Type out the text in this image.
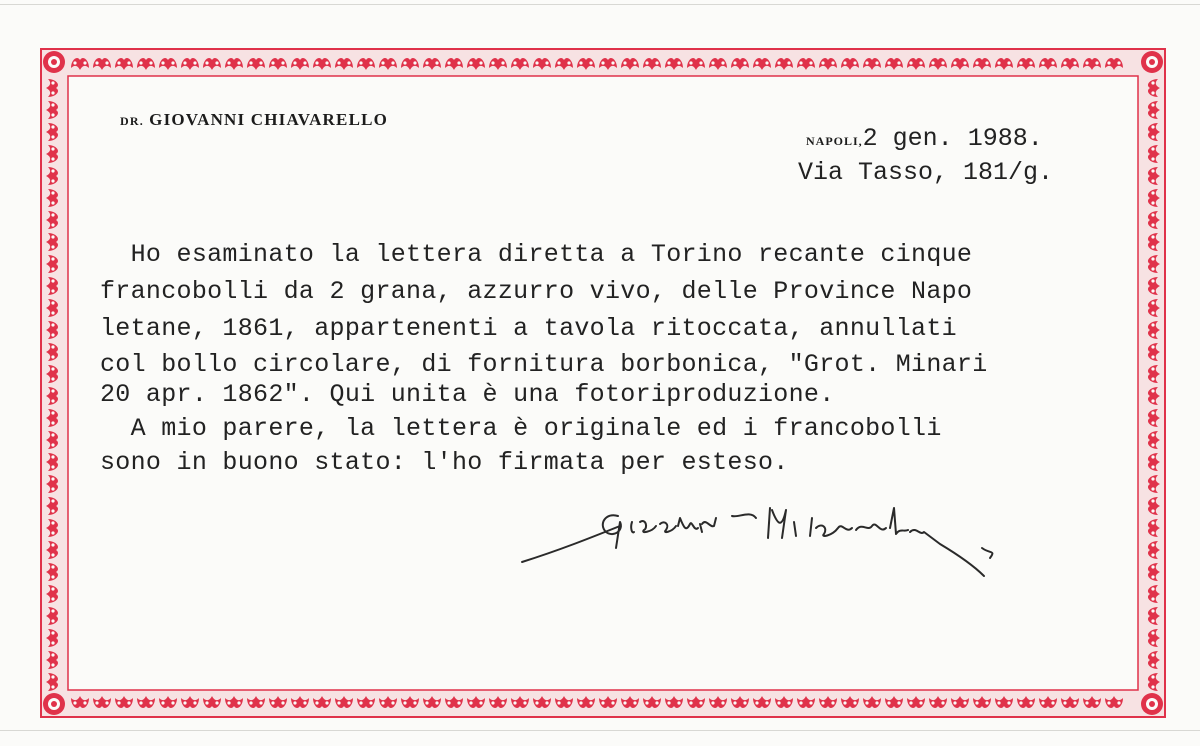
DR. GIOVANNI CHIAVARELLO
NAPOLI,2 gen. 1988.
Via Tasso, 181/g.
Ho esaminato la lettera diretta a Torino recante cinque
francobolli da 2 grana, azzurro vivo, delle Province Napo
letane, 1861, appartenenti a tavola ritoccata, annullati
col bollo circolare, di fornitura borbonica, "Grot. Minari
20 apr. 1862". Qui unita è una fotoriproduzione.
A mio parere, la lettera è originale ed i francobolli
sono in buono stato: l'ho firmata per esteso.
